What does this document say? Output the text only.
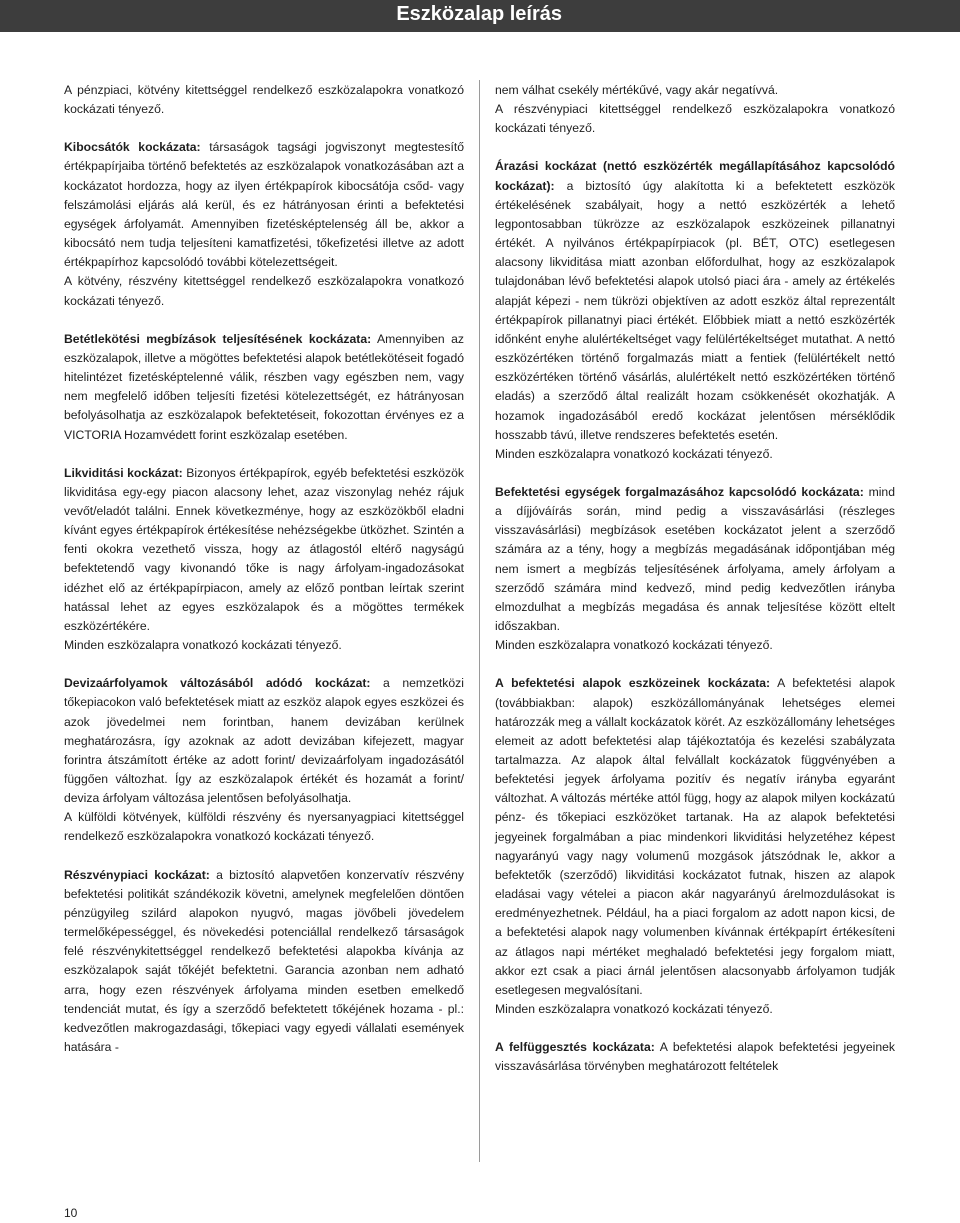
Eszközalap leírás

A pénzpiaci, kötvény kitettséggel rendelkező eszközalapokra vonatkozó kockázati tényező.

Kibocsátók kockázata: társaságok tagsági jogviszonyt megtestesítő értékpapírjaiba történő befektetés az eszközalapok vonatkozásában azt a kockázatot hordozza, hogy az ilyen értékpapírok kibocsátója csőd- vagy felszámolási eljárás alá kerül, és ez hátrányosan érinti a befektetési egységek árfolyamát. Amennyiben fizetésképtelenség áll be, akkor a kibocsátó nem tudja teljesíteni kamatfizetési, tőkefizetési illetve az adott értékpapírhoz kapcsolódó további kötelezettségeit.

A kötvény, részvény kitettséggel rendelkező eszközalapokra vonatkozó kockázati tényező.

Betétlekötési megbízások teljesítésének kockázata: Amennyiben az eszközalapok, illetve a mögöttes befektetési alapok betétlekötéseit fogadó hitelintézet fizetésképtelenné válik, részben vagy egészben nem, vagy nem megfelelő időben teljesíti fizetési kötelezettségét, ez hátrányosan befolyásolhatja az eszközalapok befektetéseit, fokozottan érvényes ez a VICTORIA Hozamvédett forint eszközalap esetében.

Likviditási kockázat: Bizonyos értékpapírok, egyéb befektetési eszközök likviditása egy-egy piacon alacsony lehet, azaz viszonylag nehéz rájuk vevőt/eladót találni. Ennek következménye, hogy az eszközökből eladni kívánt egyes értékpapírok értékesítése nehézségekbe ütközhet. Szintén a fenti okokra vezethető vissza, hogy az átlagostól eltérő nagyságú befektetendő vagy kivonandó tőke is nagy árfolyam-ingadozásokat idézhet elő az értékpapírpiacon, amely az előző pontban leírtak szerint hatással lehet az egyes eszközalapok és a mögöttes termékek eszközértékére.

Minden eszközalapra vonatkozó kockázati tényező.

Devizaárfolyamok változásából adódó kockázat: a nemzetközi tőkepiacokon való befektetések miatt az eszköz alapok egyes eszközei és azok jövedelmei nem forintban, hanem devizában kerülnek meghatározásra, így azoknak az adott devizában kifejezett, magyar forintra átszámított értéke az adott forint/ devizaárfolyam ingadozásától függően változhat. Így az eszközalapok értékét és hozamát a forint/ deviza árfolyam változása jelentősen befolyásolhatja.

A külföldi kötvények, külföldi részvény és nyersanyagpiaci kitettséggel rendelkező eszközalapokra vonatkozó kockázati tényező.

Részvénypiaci kockázat: a biztosító alapvetően konzervatív részvény befektetési politikát szándékozik követni, amelynek megfelelően döntően pénzügyileg szilárd alapokon nyugvó, magas jövőbeli jövedelem termelőképességgel, és növekedési potenciállal rendelkező társaságok felé részvénykitettséggel rendelkező befektetési alapokba kívánja az eszközalapok saját tőkéjét befektetni. Garancia azonban nem adható arra, hogy ezen részvények árfolyama minden esetben emelkedő tendenciát mutat, és így a szerződő befektetett tőkéjének hozama - pl.: kedvezőtlen makrogazdasági, tőkepiaci vagy egyedi vállalati események hatására -

nem válhat csekély mértékűvé, vagy akár negatívvá.

A részvénypiaci kitettséggel rendelkező eszközalapokra vonatkozó kockázati tényező.

Árazási kockázat (nettó eszközérték megállapításához kapcsolódó kockázat): a biztosító úgy alakította ki a befektetett eszközök értékelésének szabályait, hogy a nettó eszközérték a lehető legpontosabban tükrözze az eszközalapok eszközeinek pillanatnyi értékét. A nyilvános értékpapírpiacok (pl. BÉT, OTC) esetlegesen alacsony likviditása miatt azonban előfordulhat, hogy az eszközalapok tulajdonában lévő befektetési alapok utolsó piaci ára - amely az értékelés alapját képezi - nem tükrözi objektíven az adott eszköz által reprezentált értékpapírok pillanatnyi piaci értékét. Előbbiek miatt a nettó eszközérték időnként enyhe alulértékeltséget vagy felülértékeltséget mutathat. A nettó eszközértéken történő forgalmazás miatt a fentiek (felülértékelt nettó eszközértéken történő vásárlás, alulértékelt nettó eszközértéken történő eladás) a szerződő által realizált hozam csökkenését okozhatják. A hozamok ingadozásából eredő kockázat jelentősen mérséklődik hosszabb távú, illetve rendszeres befektetés esetén.

Minden eszközalapra vonatkozó kockázati tényező.

Befektetési egységek forgalmazásához kapcsolódó kockázata: mind a díjjóváírás során, mind pedig a visszavásárlási (részleges visszavásárlási) megbízások esetében kockázatot jelent a szerződő számára az a tény, hogy a megbízás megadásának időpontjában még nem ismert a megbízás teljesítésének árfolyama, amely árfolyam a szerződő számára mind kedvező, mind pedig kedvezőtlen irányba elmozdulhat a megbízás megadása és annak teljesítése között eltelt időszakban.

Minden eszközalapra vonatkozó kockázati tényező.

A befektetési alapok eszközeinek kockázata: A befektetési alapok (továbbiakban: alapok) eszközállományának lehetséges elemei határozzák meg a vállalt kockázatok körét. Az eszközállomány lehetséges elemeit az adott befektetési alap tájékoztatója és kezelési szabályzata tartalmazza. Az alapok által felvállalt kockázatok függvényében a befektetési jegyek árfolyama pozitív és negatív irányba egyaránt változhat. A változás mértéke attól függ, hogy az alapok milyen kockázatú pénz- és tőkepiaci eszközöket tartanak. Ha az alapok befektetési jegyeinek forgalmában a piac mindenkori likviditási helyzetéhez képest nagyarányú vagy nagy volumenű mozgások játszódnak le, akkor a befektetők (szerződő) likviditási kockázatot futnak, hiszen az alapok eladásai vagy vételei a piacon akár nagyarányú árelmozdulásokat is eredményezhetnek. Például, ha a piaci forgalom az adott napon kicsi, de a befektetési alapok nagy volumenben kívánnak értékpapírt értékesíteni az átlagos napi mértéket meghaladó befektetési jegy forgalom miatt, akkor ezt csak a piaci árnál jelentősen alacsonyabb árfolyamon tudják esetlegesen megvalósítani.

Minden eszközalapra vonatkozó kockázati tényező.

A felfüggesztés kockázata: A befektetési alapok befektetési jegyeinek visszavásárlása törvényben meghatározott feltételek

10
